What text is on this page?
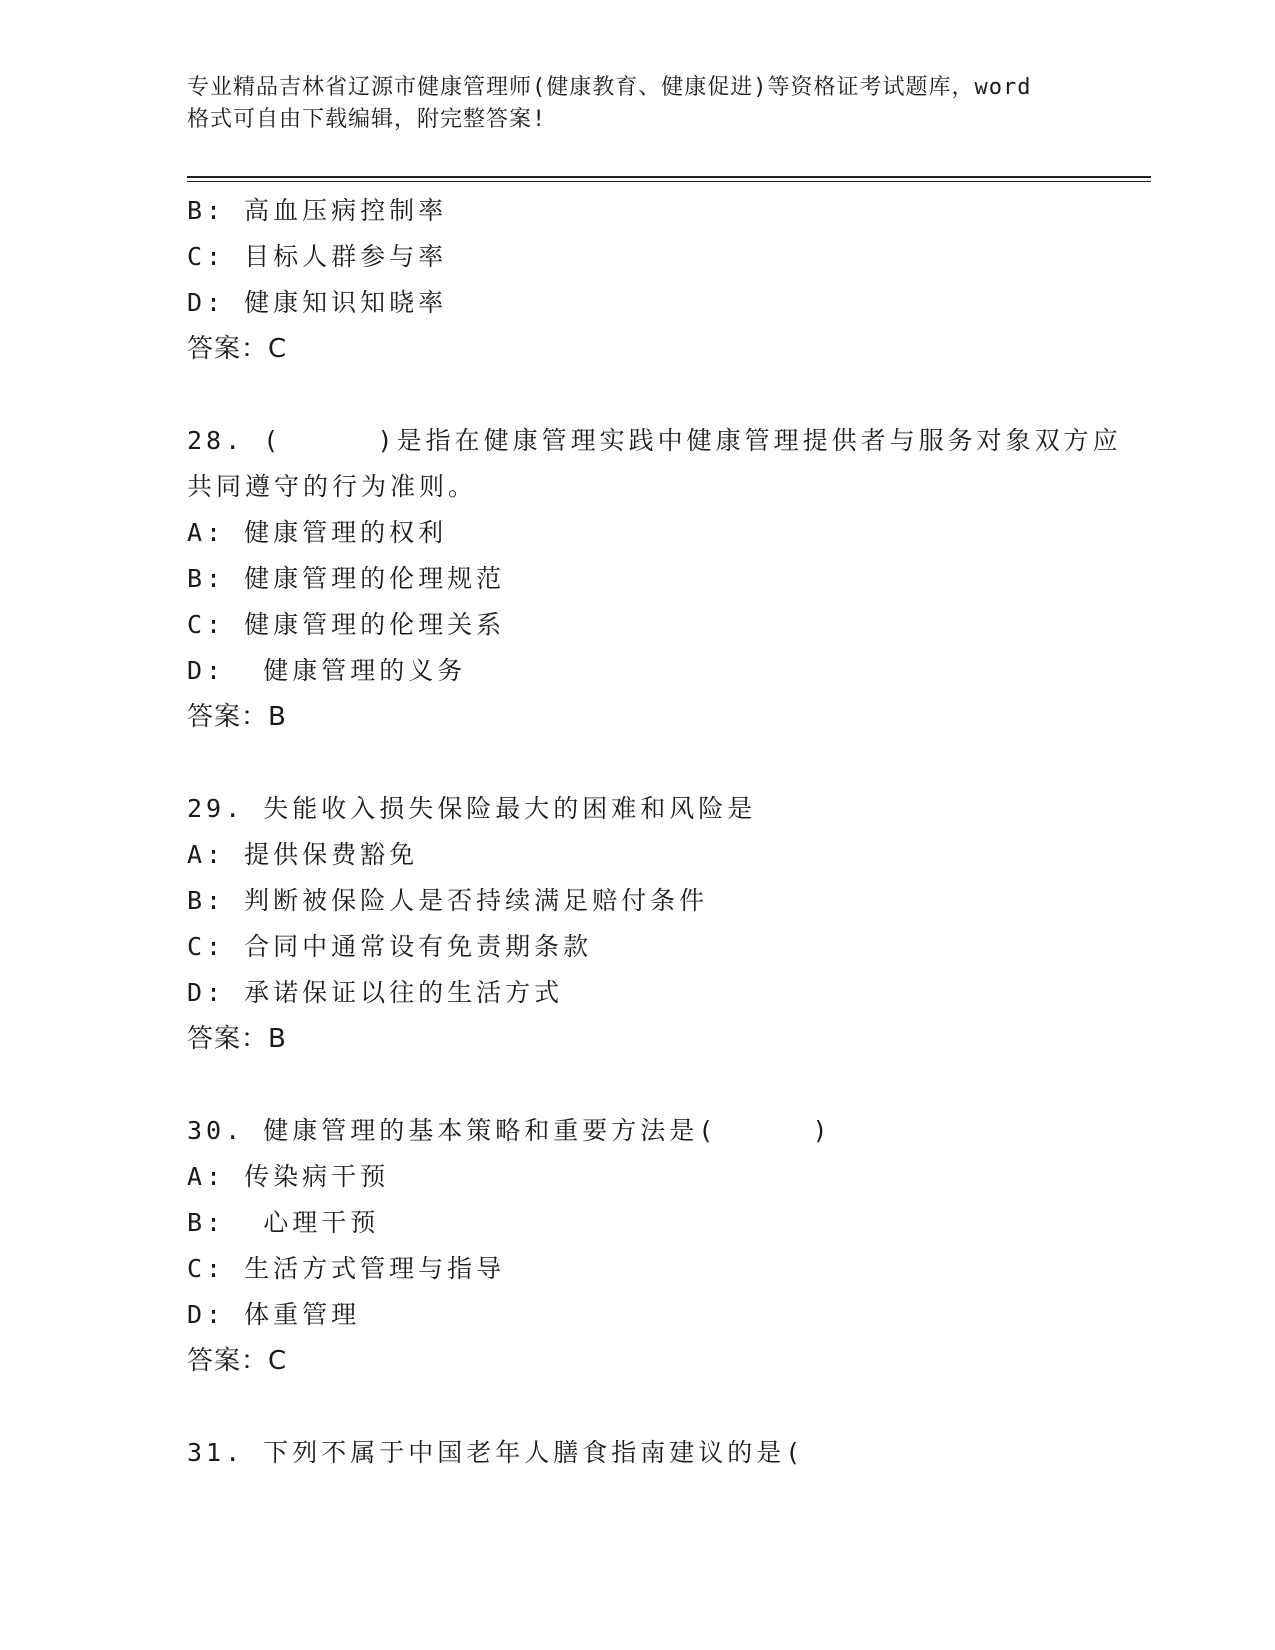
专业精品吉林省辽源市健康管理师(健康教育、健康促进)等资格证考试题库，word
格式可自由下载编辑，附完整答案!
B: 高血压病控制率
C: 目标人群参与率
D: 健康知识知晓率
答案：C
28. (     )是指在健康管理实践中健康管理提供者与服务对象双方应
共同遵守的行为准则。
A: 健康管理的权利
B: 健康管理的伦理规范
C: 健康管理的伦理关系
D:  健康管理的义务
答案：B
29. 失能收入损失保险最大的困难和风险是
A: 提供保费豁免
B: 判断被保险人是否持续满足赔付条件
C: 合同中通常设有免责期条款
D: 承诺保证以往的生活方式
答案：B
30. 健康管理的基本策略和重要方法是(     )
A: 传染病干预
B:  心理干预
C: 生活方式管理与指导
D: 体重管理
答案：C
31. 下列不属于中国老年人膳食指南建议的是(
